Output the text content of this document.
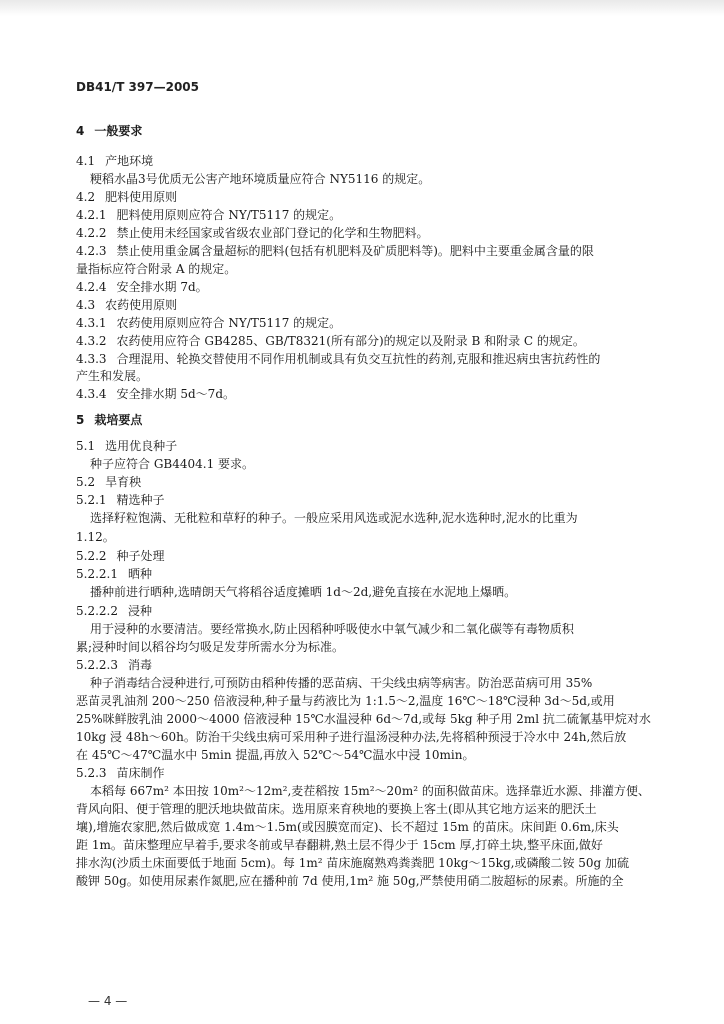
DB41/T 397—2005

4 一般要求

4.1 产地环境

粳稻水晶3号优质无公害产地环境质量应符合 NY5116 的规定。

4.2 肥料使用原则

4.2.1 肥料使用原则应符合 NY/T5117 的规定。

4.2.2 禁止使用未经国家或省级农业部门登记的化学和生物肥料。

4.2.3 禁止使用重金属含量超标的肥料(包括有机肥料及矿质肥料等)。肥料中主要重金属含量的限

量指标应符合附录 A 的规定。

4.2.4 安全排水期 7d。

4.3 农药使用原则

4.3.1 农药使用原则应符合 NY/T5117 的规定。

4.3.2 农药使用应符合 GB4285、GB/T8321(所有部分)的规定以及附录 B 和附录 C 的规定。

4.3.3 合理混用、轮换交替使用不同作用机制或具有负交互抗性的药剂,克服和推迟病虫害抗药性的

产生和发展。

4.3.4 安全排水期 5d～7d。

5 栽培要点

5.1 选用优良种子

种子应符合 GB4404.1 要求。

5.2 旱育秧

5.2.1 精选种子

选择籽粒饱满、无秕粒和草籽的种子。一般应采用风选或泥水选种,泥水选种时,泥水的比重为

1.12。

5.2.2 种子处理

5.2.2.1 晒种

播种前进行晒种,选晴朗天气将稻谷适度摊晒 1d～2d,避免直接在水泥地上爆晒。

5.2.2.2 浸种

用于浸种的水要清洁。要经常换水,防止因稻种呼吸使水中氧气减少和二氧化碳等有毒物质积

累;浸种时间以稻谷均匀吸足发芽所需水分为标准。

5.2.2.3 消毒

种子消毒结合浸种进行,可预防由稻种传播的恶苗病、干尖线虫病等病害。防治恶苗病可用 35%

恶苗灵乳油剂 200～250 倍液浸种,种子量与药液比为 1:1.5～2,温度 16℃～18℃浸种 3d～5d,或用

25%咪鲜胺乳油 2000～4000 倍液浸种 15℃水温浸种 6d～7d,或每 5kg 种子用 2ml 抗二硫氰基甲烷对水

10kg 浸 48h～60h。防治干尖线虫病可采用种子进行温汤浸种办法,先将稻种预浸于冷水中 24h,然后放

在 45℃～47℃温水中 5min 提温,再放入 52℃～54℃温水中浸 10min。

5.2.3 苗床制作

本稻每 667m² 本田按 10m²～12m²,麦茬稻按 15m²～20m² 的面积做苗床。选择靠近水源、排灌方便、

背风向阳、便于管理的肥沃地块做苗床。选用原来育秧地的要换上客土(即从其它地方运来的肥沃土

壤),增施农家肥,然后做成宽 1.4m～1.5m(或因膜宽而定)、长不超过 15m 的苗床。床间距 0.6m,床头

距 1m。苗床整理应早着手,要求冬前或早春翻耕,熟土层不得少于 15cm 厚,打碎土块,整平床面,做好

排水沟(沙质土床面要低于地面 5cm)。每 1m² 苗床施腐熟鸡粪粪肥 10kg～15kg,或磷酸二铵 50g 加硫

酸钾 50g。如使用尿素作氮肥,应在播种前 7d 使用,1m² 施 50g,严禁使用硝二胺超标的尿素。所施的全

— 4 —
